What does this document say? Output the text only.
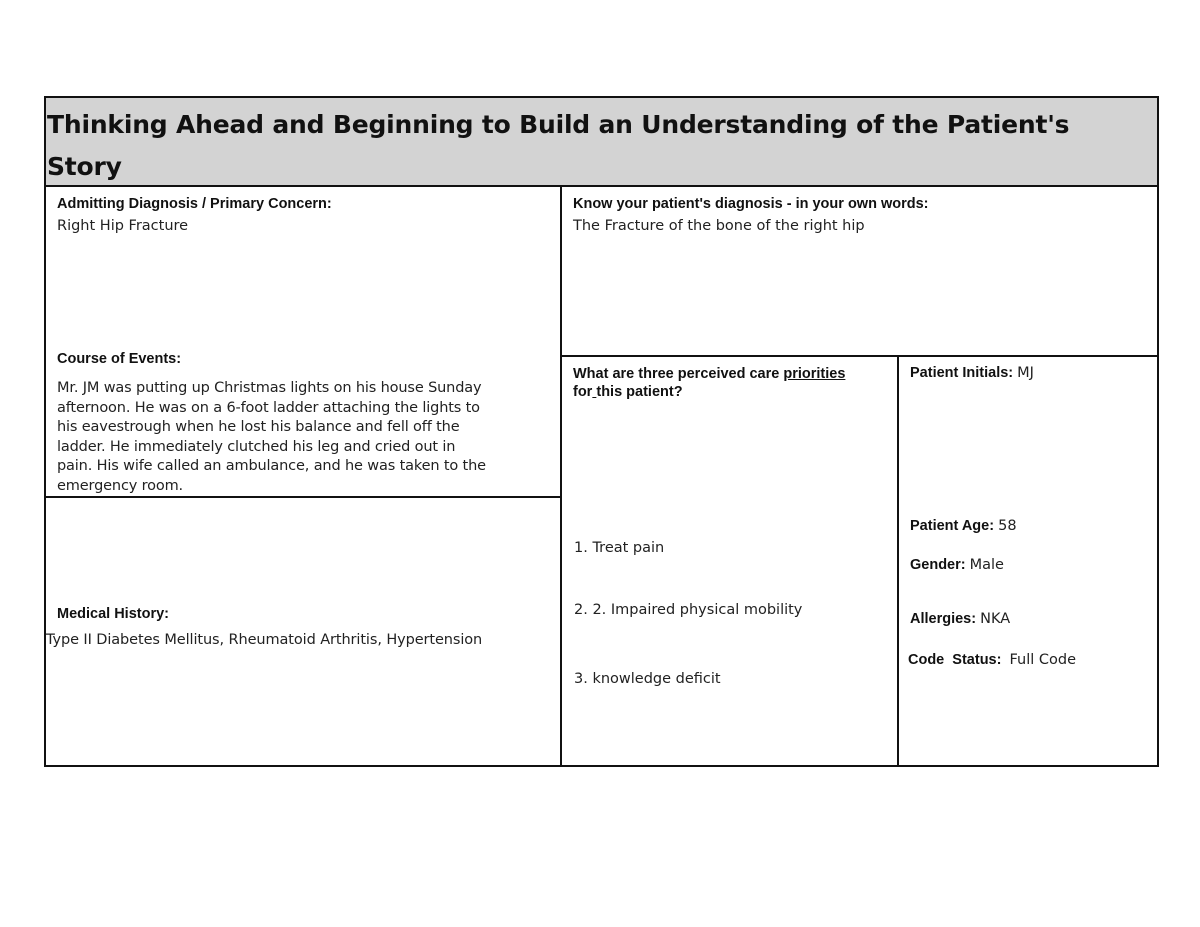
Thinking Ahead and Beginning to Build an Understanding of the Patient's Story
Admitting Diagnosis / Primary Concern:
Right Hip Fracture
Course of Events:
Mr. JM was putting up Christmas lights on his house Sunday
afternoon. He was on a 6-foot ladder attaching the lights to
his eavestrough when he lost his balance and fell off the
ladder. He immediately clutched his leg and cried out in
pain. His wife called an ambulance, and he was taken to the
emergency room.
Medical History:
Type II Diabetes Mellitus, Rheumatoid Arthritis, Hypertension
Know your patient's diagnosis - in your own words:
The Fracture of the bone of the right hip
What are three perceived care priorities
for this patient?
1. Treat pain
2. 2. Impaired physical mobility
3. knowledge deficit
Patient Initials: MJ
Patient Age: 58
Gender: Male
Allergies: NKA
Code  Status: Full Code
